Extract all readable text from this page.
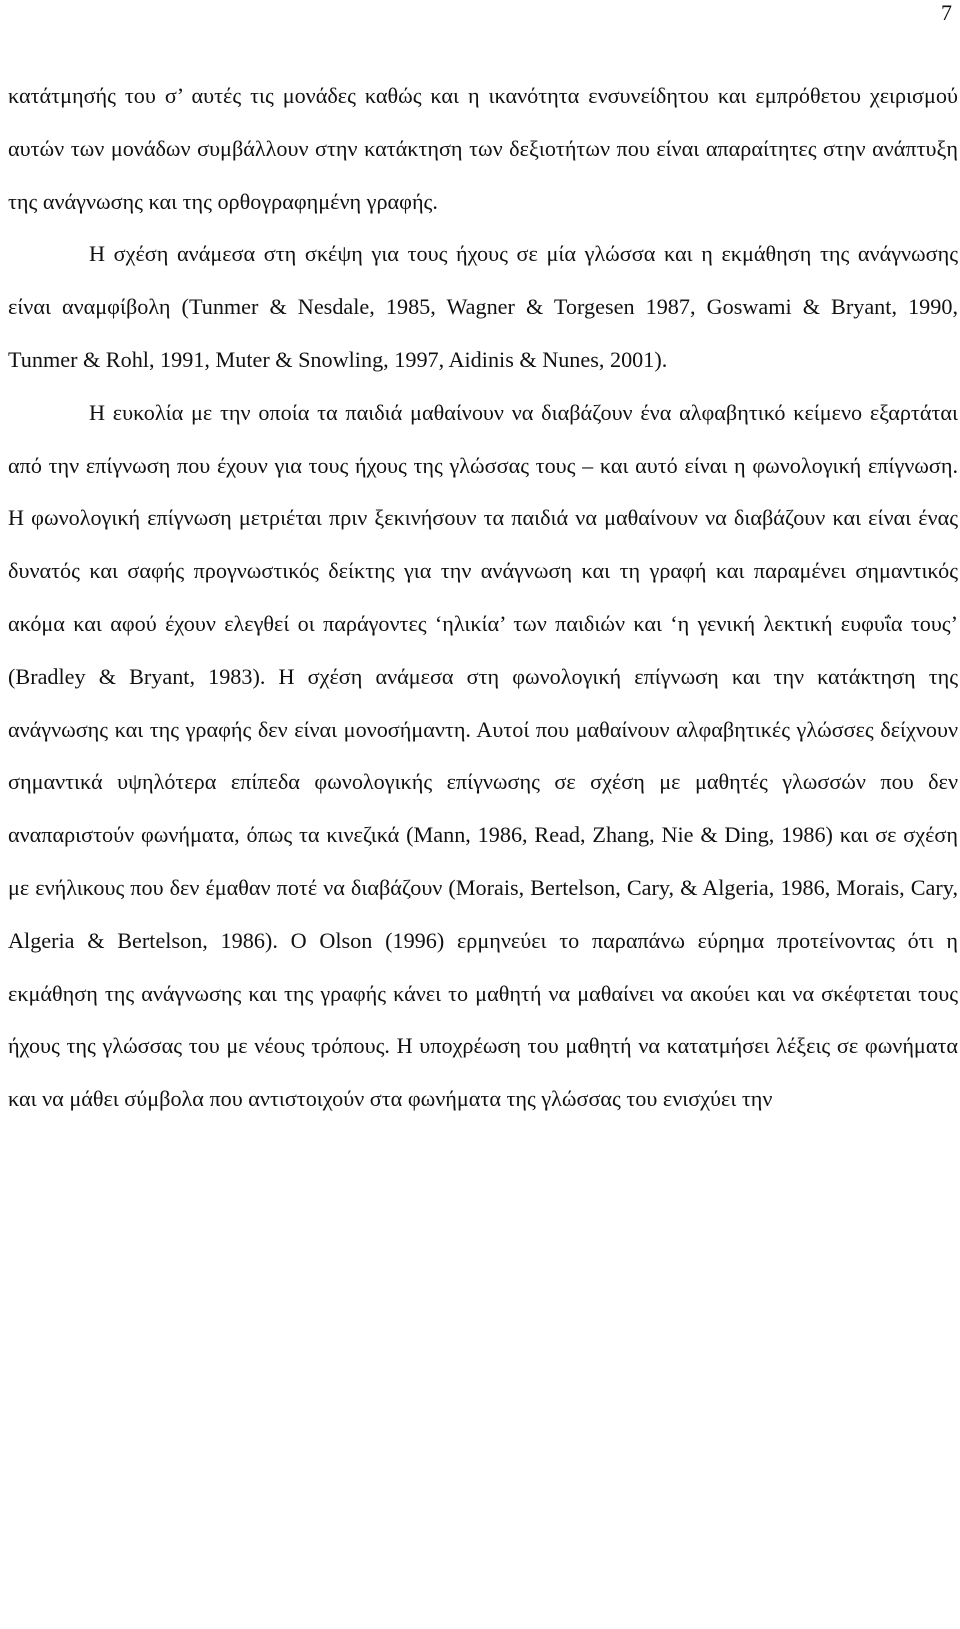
7

κατάτμησής του σ’ αυτές τις μονάδες καθώς και η ικανότητα ενσυνείδητου και εμπρόθετου χειρισμού αυτών των μονάδων συμβάλλουν στην κατάκτηση των δεξιοτήτων που είναι απαραίτητες στην ανάπτυξη της ανάγνωσης και της ορθογραφημένη γραφής.

Η σχέση ανάμεσα στη σκέψη για τους ήχους σε μία γλώσσα και η εκμάθηση της ανάγνωσης είναι αναμφίβολη (Tunmer & Nesdale, 1985, Wagner & Torgesen 1987, Goswami & Bryant, 1990, Tunmer & Rohl, 1991, Muter & Snowling, 1997, Aidinis & Nunes, 2001).

Η ευκολία με την οποία τα παιδιά μαθαίνουν να διαβάζουν ένα αλφαβητικό κείμενο εξαρτάται από την επίγνωση που έχουν για τους ήχους της γλώσσας τους – και αυτό είναι η φωνολογική επίγνωση. Η φωνολογική επίγνωση μετριέται πριν ξεκινήσουν τα παιδιά να μαθαίνουν να διαβάζουν και είναι ένας δυνατός και σαφής προγνωστικός δείκτης για την ανάγνωση και τη γραφή και παραμένει σημαντικός ακόμα και αφού έχουν ελεγθεί οι παράγοντες ‘ηλικία’ των παιδιών και ‘η γενική λεκτική ευφυΐα τους’ (Bradley & Bryant, 1983). Η σχέση ανάμεσα στη φωνολογική επίγνωση και την κατάκτηση της ανάγνωσης και της γραφής δεν είναι μονοσήμαντη. Αυτοί που μαθαίνουν αλφαβητικές γλώσσες δείχνουν σημαντικά υψηλότερα επίπεδα φωνολογικής επίγνωσης σε σχέση με μαθητές γλωσσών που δεν αναπαριστούν φωνήματα, όπως τα κινεζικά (Mann, 1986, Read, Zhang, Nie & Ding, 1986) και σε σχέση με ενήλικους που δεν έμαθαν ποτέ να διαβάζουν (Morais, Bertelson, Cary, & Algeria, 1986, Morais, Cary, Algeria & Bertelson, 1986). Ο Olson (1996) ερμηνεύει το παραπάνω εύρημα προτείνοντας ότι η εκμάθηση της ανάγνωσης και της γραφής κάνει το μαθητή να μαθαίνει να ακούει και να σκέφτεται τους ήχους της γλώσσας του με νέους τρόπους. Η υποχρέωση του μαθητή να κατατμήσει λέξεις σε φωνήματα και να μάθει σύμβολα που αντιστοιχούν στα φωνήματα της γλώσσας του ενισχύει την
